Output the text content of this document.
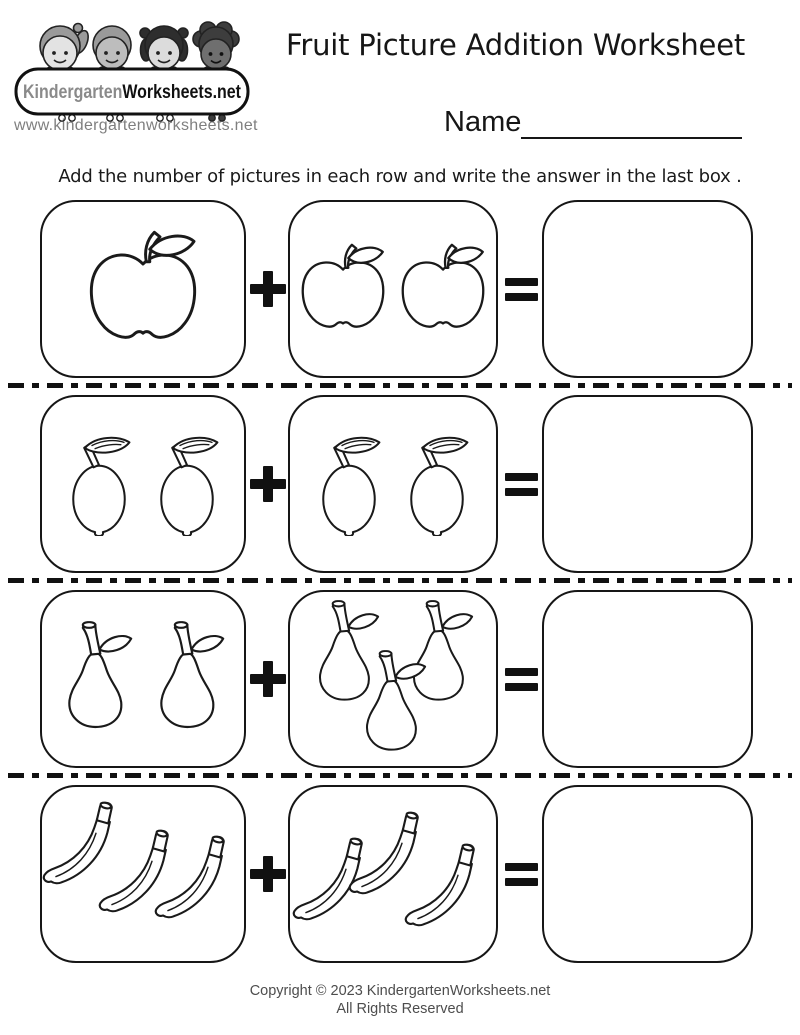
KindergartenWorksheets.net
www.kindergartenworksheets.net
Fruit Picture Addition Worksheet
Name

Add the number of pictures in each row and write the answer in the last box .

Copyright © 2023 KindergartenWorksheets.net
All Rights Reserved
